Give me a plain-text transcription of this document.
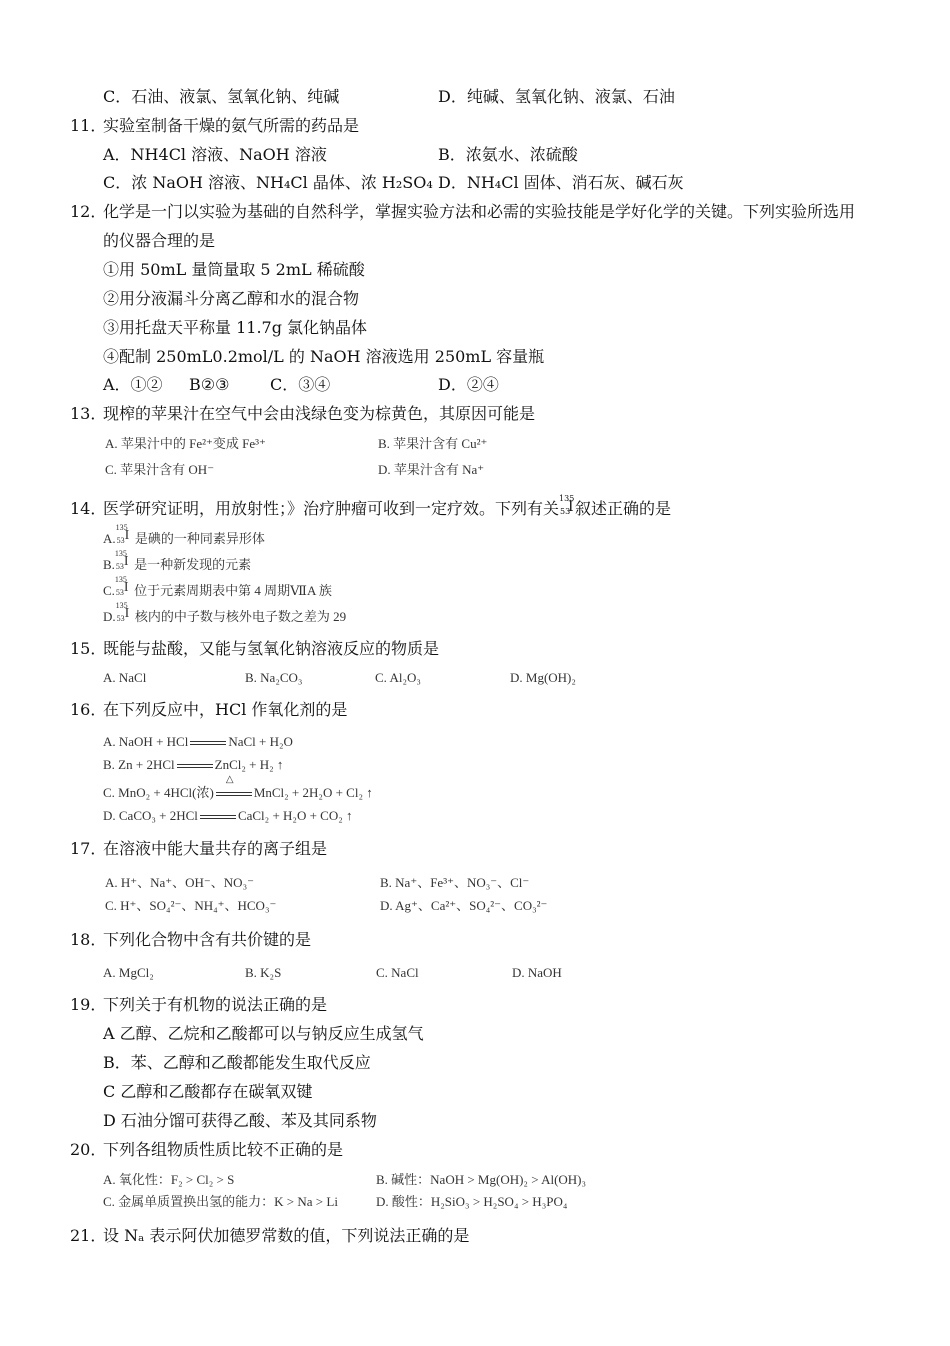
C．石油、液氯、氢氧化钠、纯碱	D．纯碱、氢氧化钠、液氯、石油
11．
实验室制备干燥的氨气所需的药品是
A．NH4Cl 溶液、NaOH 溶液	B．浓氨水、浓硫酸
C．浓 NaOH 溶液、NH₄Cl 晶体、浓 H₂SO₄ D．NH₄Cl 固体、消石灰、碱石灰
12．
化学是一门以实验为基础的自然科学，掌握实验方法和必需的实验技能是学好化学的关键。下列实验所选用
的仪器合理的是
①用 50mL 量筒量取 5 2mL 稀硫酸
②用分液漏斗分离乙醇和水的混合物
③用托盘天平称量 11.7g 氯化钠晶体
④配制 250mL0.2mol/L 的 NaOH 溶液选用 250mL 容量瓶
A．①② B②③	C．③④	D．②④
13．
现榨的苹果汁在空气中会由浅绿色变为棕黄色，其原因可能是
A. 苹果汁中的 Fe²⁺变成 Fe³⁺	B. 苹果汁含有 Cu²⁺
C. 苹果汁含有 OH⁻	D. 苹果汁含有 Na⁺
14．
医学研究证明，用放射性；》治疗肿瘤可收到一定疗效。下列有关
135
53
I 叙述正确的是
A.
135
53 I 是碘的一种同素异形体
B.
135
53 I 是一种新发现的元素
C.
135
53 I 位于元素周期表中第 4 周期ⅦA 族
D.
135
53 I 核内的中子数与核外电子数之差为 29
15．
既能与盐酸，又能与氢氧化钠溶液反应的物质是
A. NaCl	B. Na₂CO₃	C. Al₂O₃	D. Mg(OH)₂
16．
在下列反应中，HCl 作氧化剂的是
A. NaOH + HCl	NaCl + H₂O
B. Zn + 2HCl	ZnCl₂ + H₂ ↑
C. MnO₂ + 4HCl(浓)
△
MnCl₂ + 2H₂O + Cl₂ ↑
D. CaCO₃ + 2HCl	CaCl₂ + H₂O + CO₂ ↑
17．
在溶液中能大量共存的离子组是
A. H⁺、Na⁺、OH⁻、NO₃⁻	B. Na⁺、Fe³⁺、NO₃⁻、Cl⁻
C. H⁺、SO₄²⁻、NH₄⁺、HCO₃⁻	D. Ag⁺、Ca²⁺、SO₄²⁻、CO₃²⁻
18．
下列化合物中含有共价键的是
A. MgCl₂	B. K₂S	C. NaCl	D. NaOH
19．
下列关于有机物的说法正确的是
A 乙醇、乙烷和乙酸都可以与钠反应生成氢气
B．苯、乙醇和乙酸都能发生取代反应
C 乙醇和乙酸都存在碳氧双键
D 石油分馏可获得乙酸、苯及其同系物
20．
下列各组物质性质比较不正确的是
A. 氧化性：F₂ > Cl₂ > S	B. 碱性：NaOH > Mg(OH)₂ > Al(OH)₃
C. 金属单质置换出氢的能力：K > Na > Li	D. 酸性：H₂SiO₃ > H₂SO₄ > H₃PO₄
21．
设 Nₐ 表示阿伏加德罗常数的值，下列说法正确的是
